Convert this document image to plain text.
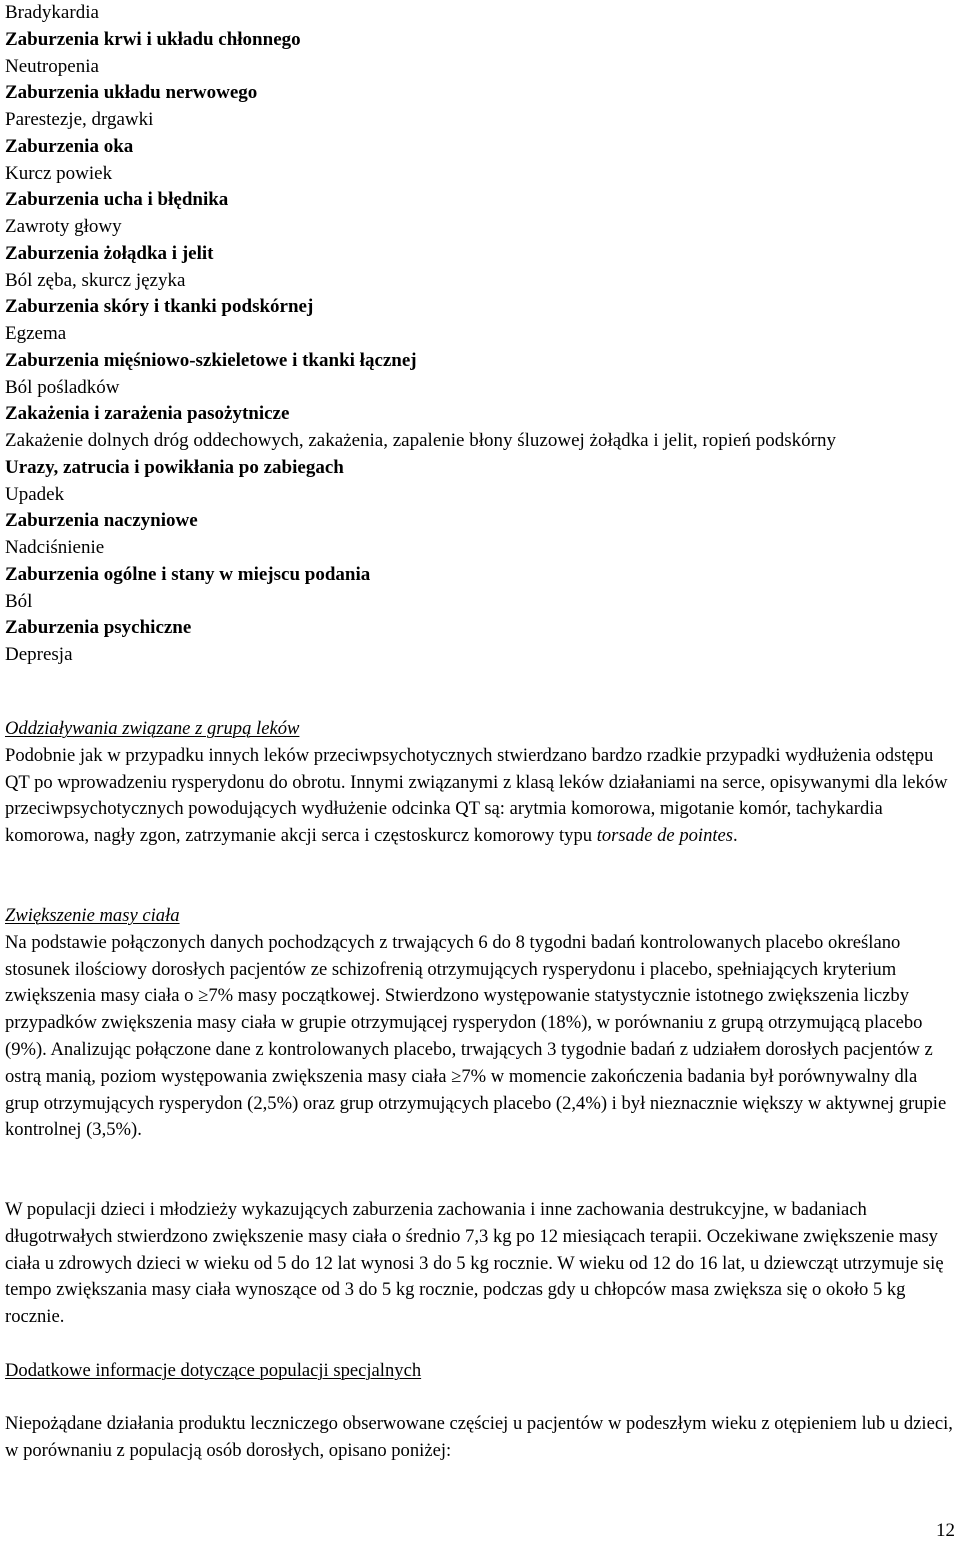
Bradykardia
Zaburzenia krwi i układu chłonnego
Neutropenia
Zaburzenia układu nerwowego
Parestezje, drgawki
Zaburzenia oka
Kurcz powiek
Zaburzenia ucha i błędnika
Zawroty głowy
Zaburzenia żołądka i jelit
Ból zęba, skurcz języka
Zaburzenia skóry i tkanki podskórnej
Egzema
Zaburzenia mięśniowo-szkieletowe i tkanki łącznej
Ból pośladków
Zakażenia i zarażenia pasożytnicze
Zakażenie dolnych dróg oddechowych, zakażenia, zapalenie błony śluzowej żołądka i jelit, ropień podskórny
Urazy, zatrucia i powikłania po zabiegach
Upadek
Zaburzenia naczyniowe
Nadciśnienie
Zaburzenia ogólne i stany w miejscu podania
Ból
Zaburzenia psychiczne
Depresja

Oddziaływania związane z grupą leków

Podobnie jak w przypadku innych leków przeciwpsychotycznych stwierdzano bardzo rzadkie przypadki wydłużenia odstępu QT po wprowadzeniu rysperydonu do obrotu. Innymi związanymi z klasą leków działaniami na serce, opisywanymi dla leków przeciwpsychotycznych powodujących wydłużenie odcinka QT są: arytmia komorowa, migotanie komór, tachykardia komorowa, nagły zgon, zatrzymanie akcji serca i częstoskurcz komorowy typu torsade de pointes.

Zwiększenie masy ciała

Na podstawie połączonych danych pochodzących z trwających 6 do 8 tygodni badań kontrolowanych placebo określano stosunek ilościowy dorosłych pacjentów ze schizofrenią otrzymujących rysperydonu i placebo, spełniających kryterium zwiększenia masy ciała o ≥7% masy początkowej. Stwierdzono występowanie statystycznie istotnego zwiększenia liczby przypadków zwiększenia masy ciała w grupie otrzymującej rysperydon (18%), w porównaniu z grupą otrzymującą placebo (9%). Analizując połączone dane z kontrolowanych placebo, trwających 3 tygodnie badań z udziałem dorosłych pacjentów z ostrą manią, poziom występowania zwiększenia masy ciała ≥7% w momencie zakończenia badania był porównywalny dla grup otrzymujących rysperydon (2,5%) oraz grup otrzymujących placebo (2,4%) i był nieznacznie większy w aktywnej grupie kontrolnej (3,5%).

W populacji dzieci i młodzieży wykazujących zaburzenia zachowania i inne zachowania destrukcyjne, w badaniach długotrwałych stwierdzono zwiększenie masy ciała o średnio 7,3 kg po 12 miesiącach terapii. Oczekiwane zwiększenie masy ciała u zdrowych dzieci w wieku od 5 do 12 lat wynosi 3 do 5 kg rocznie. W wieku od 12 do 16 lat, u dziewcząt utrzymuje się tempo zwiększania masy ciała wynoszące od 3 do 5 kg rocznie, podczas gdy u chłopców masa zwiększa się o około 5 kg rocznie.

Dodatkowe informacje dotyczące populacji specjalnych

Niepożądane działania produktu leczniczego obserwowane częściej u pacjentów w podeszłym wieku z otępieniem lub u dzieci, w porównaniu z populacją osób dorosłych, opisano poniżej:

12
